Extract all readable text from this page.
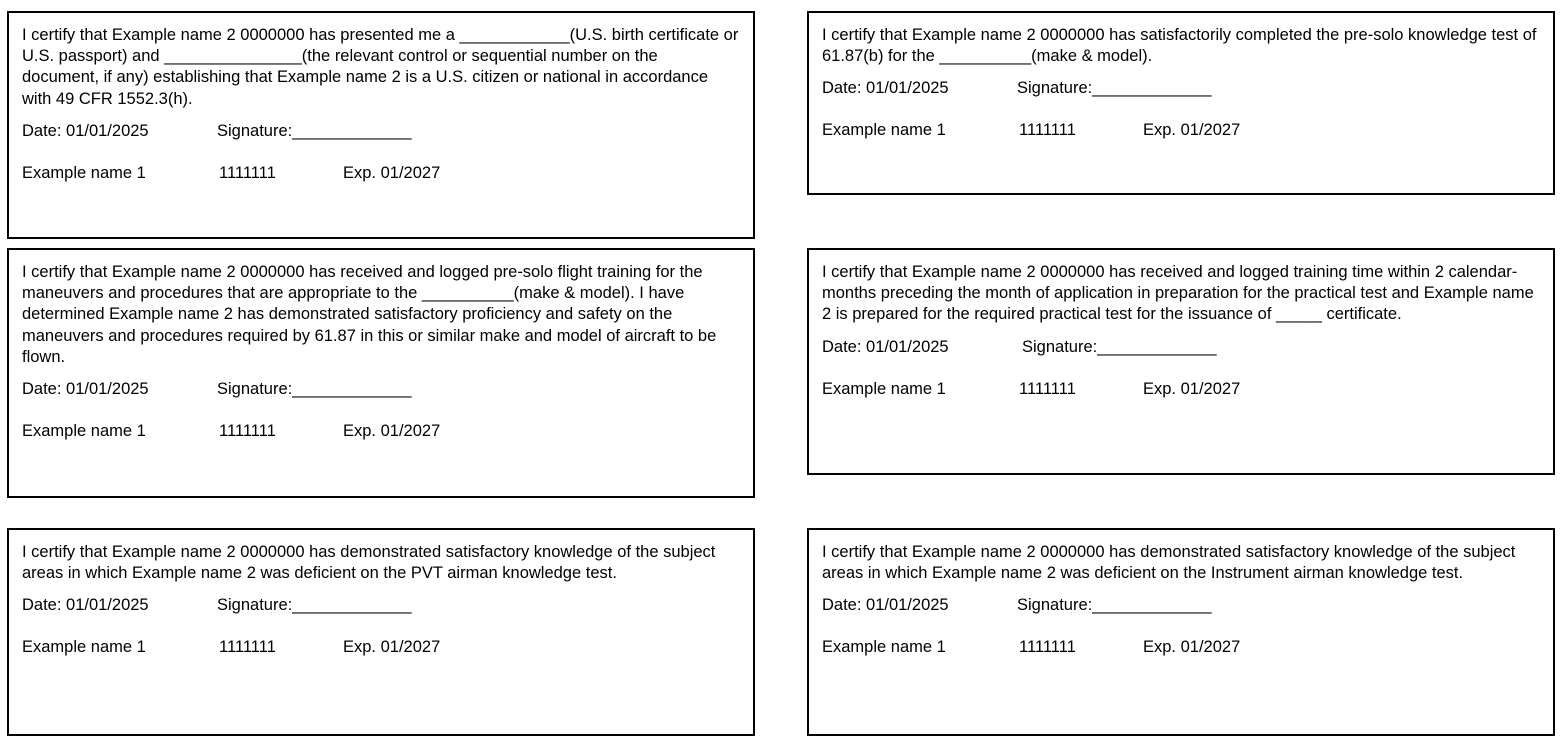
I certify that Example name 2 0000000 has presented me a ____________(U.S. birth certificate or U.S. passport) and _______________(the relevant control or sequential number on the document, if any) establishing that Example name 2 is a U.S. citizen or national in accordance with 49 CFR 1552.3(h).

Date: 01/01/2025	Signature:_____________
Example name 1	1111111	Exp. 01/2027

I certify that Example name 2 0000000 has satisfactorily completed the pre-solo knowledge test of 61.87(b) for the __________(make & model).

Date: 01/01/2025	Signature:_____________
Example name 1	1111111	Exp. 01/2027

I certify that Example name 2 0000000 has received and logged pre-solo flight training for the maneuvers and procedures that are appropriate to the __________(make & model). I have determined Example name 2 has demonstrated satisfactory proficiency and safety on the maneuvers and procedures required by 61.87 in this or similar make and model of aircraft to be flown.

Date: 01/01/2025	Signature:_____________
Example name 1	1111111	Exp. 01/2027

I certify that Example name 2 0000000 has received and logged training time within 2 calendar-months preceding the month of application in preparation for the practical test and Example name 2 is prepared for the required practical test for the issuance of _____ certificate.

Date: 01/01/2025	Signature:_____________
Example name 1	1111111	Exp. 01/2027

I certify that Example name 2 0000000 has demonstrated satisfactory knowledge of the subject areas in which Example name 2 was deficient on the PVT airman knowledge test.

Date: 01/01/2025	Signature:_____________
Example name 1	1111111	Exp. 01/2027

I certify that Example name 2 0000000 has demonstrated satisfactory knowledge of the subject areas in which Example name 2 was deficient on the Instrument airman knowledge test.

Date: 01/01/2025	Signature:_____________
Example name 1	1111111	Exp. 01/2027
